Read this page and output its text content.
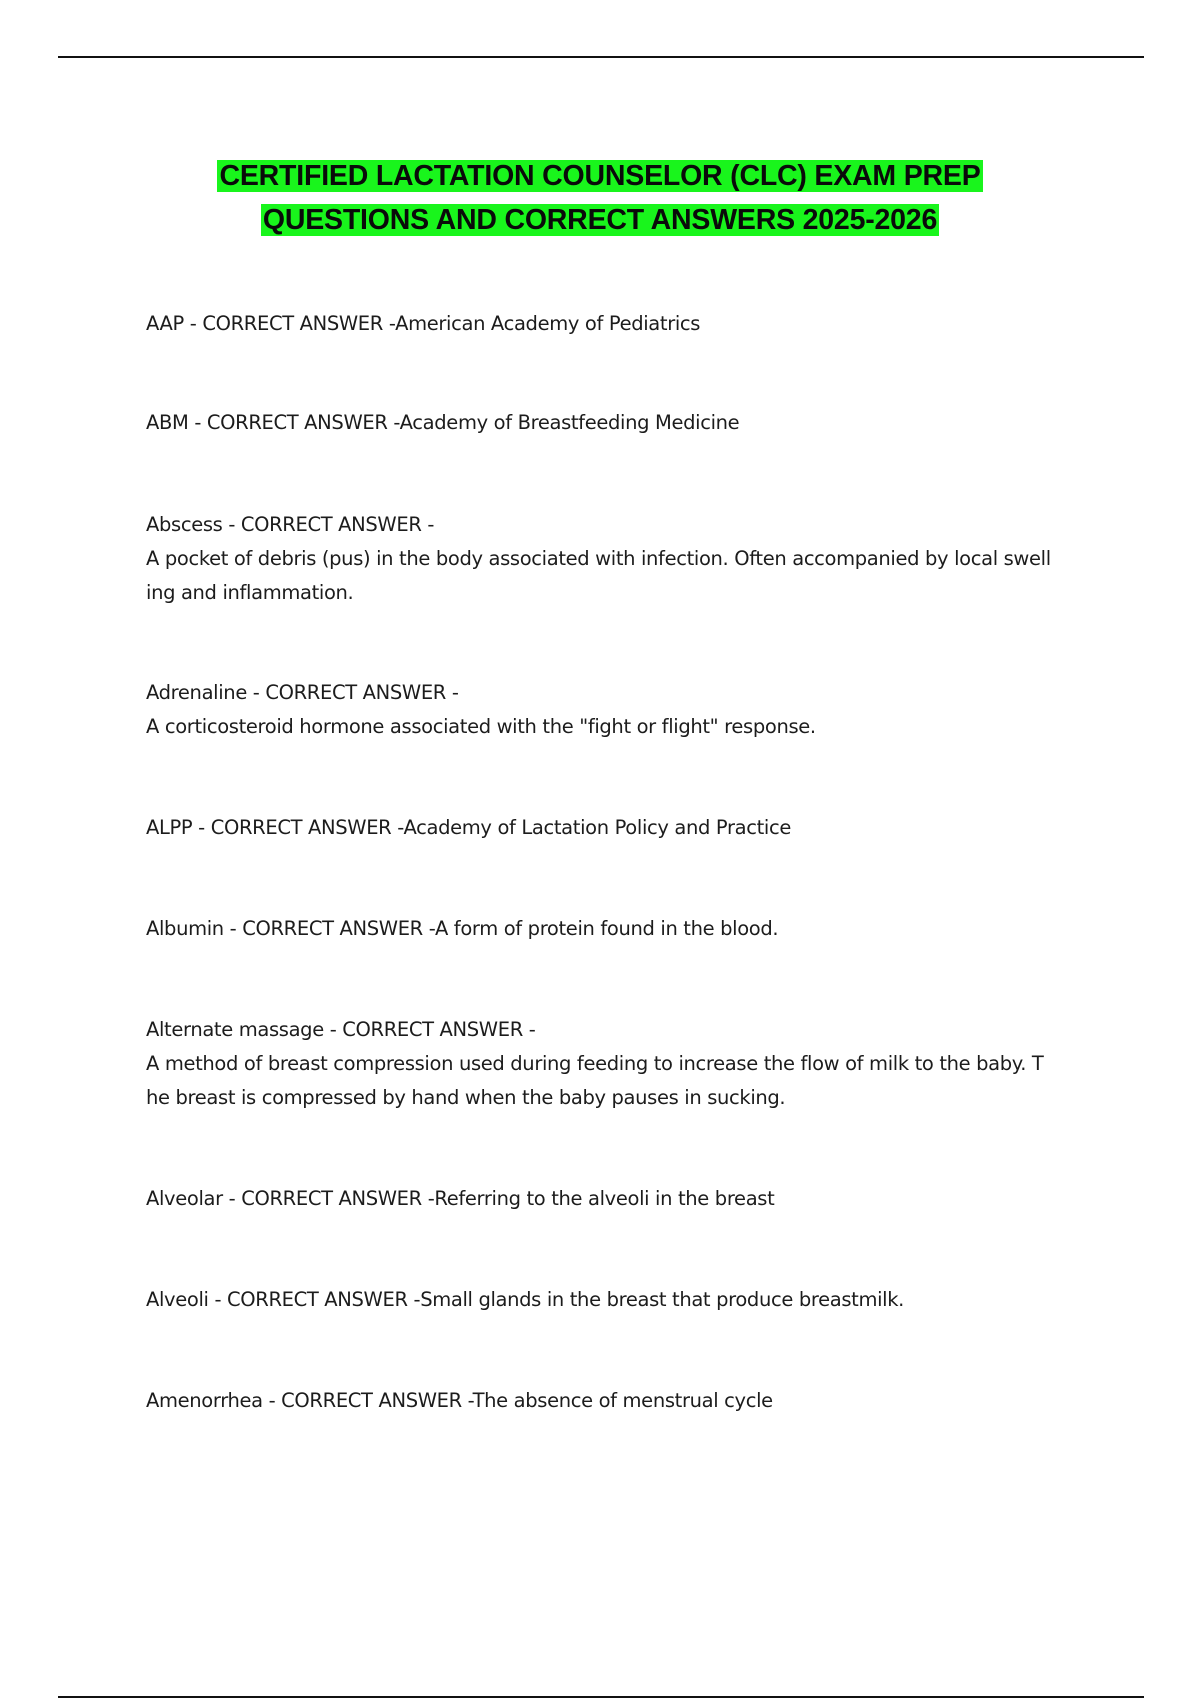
CERTIFIED LACTATION COUNSELOR (CLC) EXAM PREP
QUESTIONS AND CORRECT ANSWERS 2025-2026

AAP - CORRECT ANSWER -American Academy of Pediatrics

ABM - CORRECT ANSWER -Academy of Breastfeeding Medicine

Abscess - CORRECT ANSWER -

A pocket of debris (pus) in the body associated with infection. Often accompanied by local swell

ing and inflammation.

Adrenaline - CORRECT ANSWER -

A corticosteroid hormone associated with the "fight or flight" response.

ALPP - CORRECT ANSWER -Academy of Lactation Policy and Practice

Albumin - CORRECT ANSWER -A form of protein found in the blood.

Alternate massage - CORRECT ANSWER -

A method of breast compression used during feeding to increase the flow of milk to the baby. T

he breast is compressed by hand when the baby pauses in sucking.

Alveolar - CORRECT ANSWER -Referring to the alveoli in the breast

Alveoli - CORRECT ANSWER -Small glands in the breast that produce breastmilk.

Amenorrhea - CORRECT ANSWER -The absence of menstrual cycle
